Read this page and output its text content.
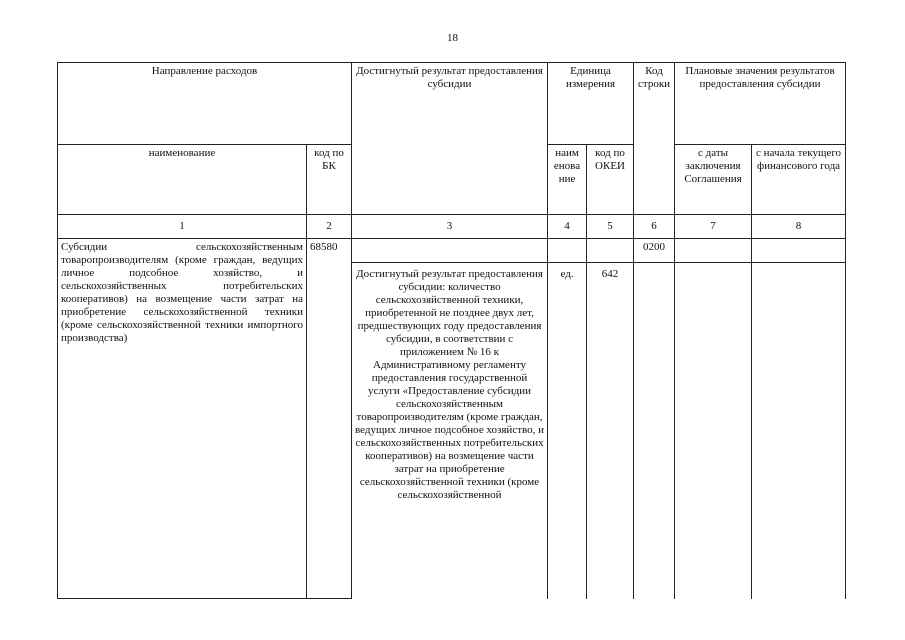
18
Направление расходов		Достигнутый результат предоставления субсидии	Единица измерения		Код строки	Плановые значения результатов предоставления субсидии	
наименование	код по БК		наим енова ние	код по ОКЕИ		с даты заключения Соглашения	с начала текущего финансового года
1	2	3	4	5	6	7	8
Субсидии сельскохозяйственным товаропроизводителям (кроме граждан, ведущих личное подсобное хозяйство, и сельскохозяйственных потребительских кооперативов) на возмещение части затрат на приобретение сельскохозяйственной техники (кроме сельскохозяйственной техники импортного производства)	68580				0200		
		Достигнутый результат предоставления субсидии: количество сельскохозяйственной техники, приобретенной не позднее двух лет, предшествующих году предоставления субсидии, в соответствии с приложением № 16 к Административному регламенту предоставления государственной услуги «Предоставление субсидии сельскохозяйственным товаропроизводителям (кроме граждан, ведущих личное подсобное хозяйство, и сельскохозяйственных потребительских кооперативов) на возмещение части затрат на приобретение сельскохозяйственной техники (кроме сельскохозяйственной	ед.	642			
